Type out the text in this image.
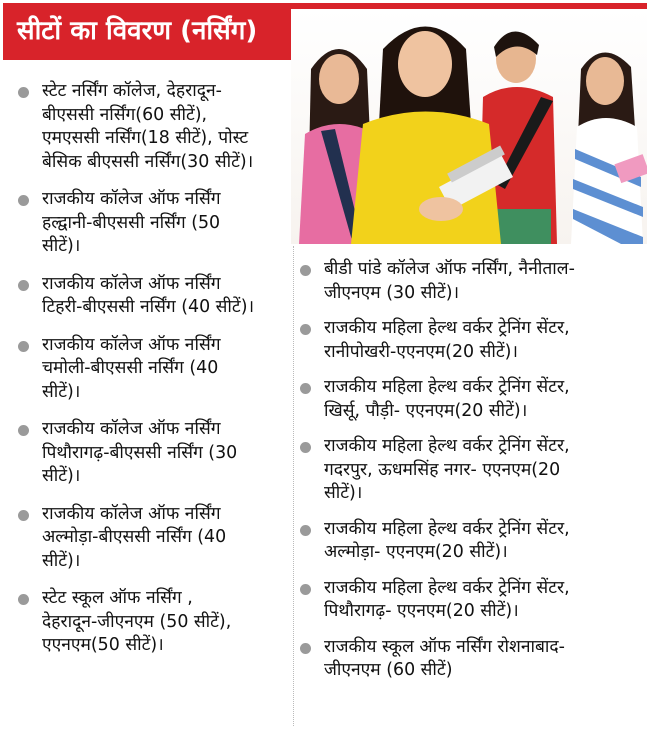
सीटों का विवरण (नर्सिंग)
स्टेट नर्सिंग कॉलेज, देहरादून-
बीएससी नर्सिंग(60 सीटें),
एमएससी नर्सिंग(18 सीटें), पोस्ट
बेसिक बीएससी नर्सिंग(30 सीटें)।
राजकीय कॉलेज ऑफ नर्सिंग
हल्द्वानी-बीएससी नर्सिंग (50
सीटें)।
राजकीय कॉलेज ऑफ नर्सिंग
टिहरी-बीएससी नर्सिंग (40 सीटें)।
राजकीय कॉलेज ऑफ नर्सिंग
चमोली-बीएससी नर्सिंग (40
सीटें)।
राजकीय कॉलेज ऑफ नर्सिंग
पिथौरागढ़-बीएससी नर्सिंग (30
सीटें)।
राजकीय कॉलेज ऑफ नर्सिंग
अल्मोड़ा-बीएससी नर्सिंग (40
सीटें)।
स्टेट स्कूल ऑफ नर्सिंग ,
देहरादून-जीएनएम (50 सीटें),
एएनएम(50 सीटें)।
बीडी पांडे कॉलेज ऑफ नर्सिंग, नैनीताल-
जीएनएम (30 सीटें)।
राजकीय महिला हेल्थ वर्कर ट्रेनिंग सेंटर,
रानीपोखरी-एएनएम(20 सीटें)।
राजकीय महिला हेल्थ वर्कर ट्रेनिंग सेंटर,
खिर्सू, पौड़ी- एएनएम(20 सीटें)।
राजकीय महिला हेल्थ वर्कर ट्रेनिंग सेंटर,
गदरपुर, ऊधमसिंह नगर- एएनएम(20
सीटें)।
राजकीय महिला हेल्थ वर्कर ट्रेनिंग सेंटर,
अल्मोड़ा- एएनएम(20 सीटें)।
राजकीय महिला हेल्थ वर्कर ट्रेनिंग सेंटर,
पिथौरागढ़- एएनएम(20 सीटें)।
राजकीय स्कूल ऑफ नर्सिंग रोशनाबाद-
जीएनएम (60 सीटें)
